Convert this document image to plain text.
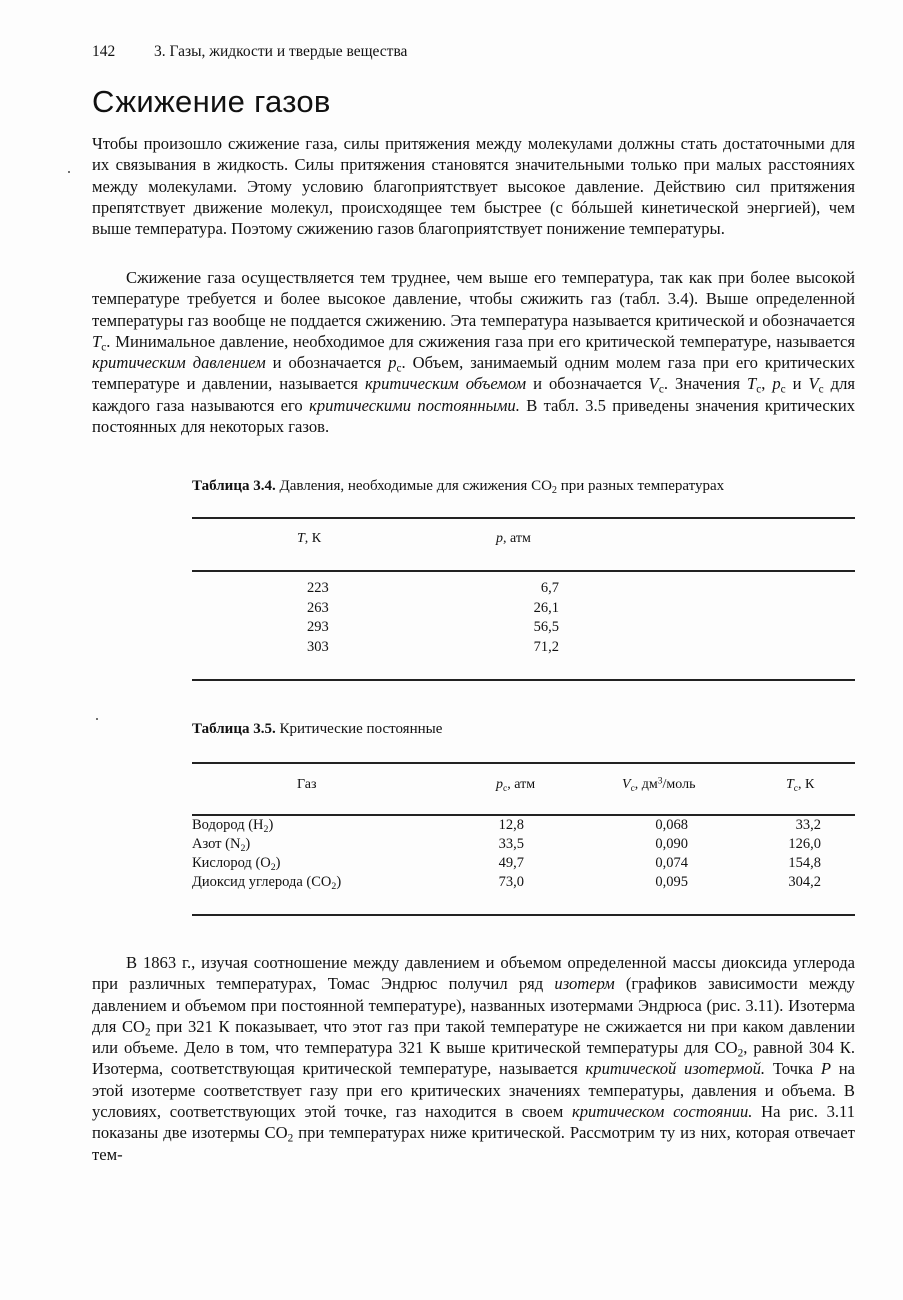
142	3. Газы, жидкости и твердые вещества
Сжижение газов
Чтобы произошло сжижение газа, силы притяжения между молекулами должны стать достаточными для их связывания в жидкость. Силы притяжения становятся значительными только при малых расстояниях между молекулами. Этому условию благоприятствует высокое давление. Действию сил притяжения препятствует движение молекул, происходящее тем быстрее (с бóльшей кинетической энергией), чем выше температура. Поэтому сжижению газов благоприятствует понижение температуры.
Сжижение газа осуществляется тем труднее, чем выше его температура, так как при более высокой температуре требуется и более высокое давление, чтобы сжижить газ (табл. 3.4). Выше определенной температуры газ вообще не поддается сжижению. Эта температура называется критической и обозначается $T_c$. Минимальное давление, необходимое для сжижения газа при его критической температуре, называется критическим давлением и обозначается $p_c$. Объем, занимаемый одним молем газа при его критических температуре и давлении, называется критическим объемом и обозначается $V_c$. Значения $T_c$, $p_c$ и $V_c$ для каждого газа называются его критическими постоянными. В табл. 3.5 приведены значения критических постоянных для некоторых газов.
Таблица 3.4. Давления, необходимые для сжижения $CO_2$ при разных температурах
T, К	p, атм
223	6,7
263	26,1
293	56,5
303	71,2
Таблица 3.5. Критические постоянные
Газ	$p_c$, атм	$V_c$, $дм^3$/моль	$T_c$, К
Водород $(H_2)$	12,8	0,068	33,2
Азот $(N_2)$	33,5	0,090	126,0
Кислород $(O_2)$	49,7	0,074	154,8
Диоксид углерода $(CO_2)$	73,0	0,095	304,2
В 1863 г., изучая соотношение между давлением и объемом определенной массы диоксида углерода при различных температурах, Томас Эндрюс получил ряд изотерм (графиков зависимости между давлением и объемом при постоянной температуре), названных изотермами Эндрюса (рис. 3.11). Изотерма для $CO_2$ при 321 К показывает, что этот газ при такой температуре не сжижается ни при каком давлении или объеме. Дело в том, что температура 321 К выше критической температуры для $CO_2$, равной 304 К. Изотерма, соответствующая критической температуре, называется критической изотермой. Точка P на этой изотерме соответствует газу при его критических значениях температуры, давления и объема. В условиях, соответствующих этой точке, газ находится в своем критическом состоянии. На рис. 3.11 показаны две изотермы $CO_2$ при температурах ниже критической. Рассмотрим ту из них, которая отвечает тем-
